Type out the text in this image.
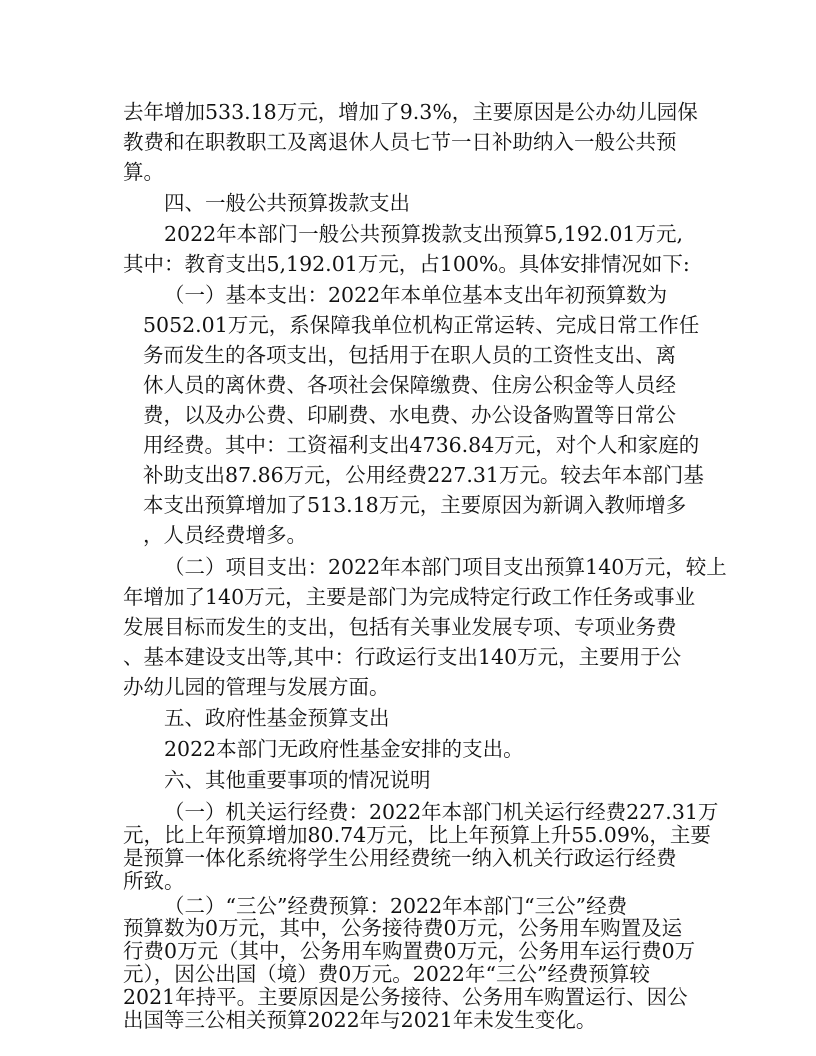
去年增加533.18万元，增加了9.3%，主要原因是公办幼儿园保

教费和在职教职工及离退休人员七节一日补助纳入一般公共预

算。

四、一般公共预算拨款支出

2022年本部门一般公共预算拨款支出预算5,192.01万元,

其中：教育支出5,192.01万元，占100%。具体安排情况如下:

（一）基本支出：2022年本单位基本支出年初预算数为

5052.01万元，系保障我单位机构正常运转、完成日常工作任

务而发生的各项支出，包括用于在职人员的工资性支出、离

休人员的离休费、各项社会保障缴费、住房公积金等人员经

费，以及办公费、印刷费、水电费、办公设备购置等日常公

用经费。其中：工资福利支出4736.84万元，对个人和家庭的

补助支出87.86万元，公用经费227.31万元。较去年本部门基

本支出预算增加了513.18万元，主要原因为新调入教师增多

，人员经费增多。

（二）项目支出：2022年本部门项目支出预算140万元，较上

年增加了140万元，主要是部门为完成特定行政工作任务或事业

发展目标而发生的支出，包括有关事业发展专项、专项业务费

、基本建设支出等,其中：行政运行支出140万元，主要用于公

办幼儿园的管理与发展方面。

五、政府性基金预算支出

2022本部门无政府性基金安排的支出。

六、其他重要事项的情况说明

（一）机关运行经费：2022年本部门机关运行经费227.31万

元，比上年预算增加80.74万元，比上年预算上升55.09%，主要

是预算一体化系统将学生公用经费统一纳入机关行政运行经费

所致。

（二）“三公”经费预算：2022年本部门“三公”经费

预算数为0万元，其中，公务接待费0万元，公务用车购置及运

行费0万元（其中，公务用车购置费0万元，公务用车运行费0万

元），因公出国（境）费0万元。2022年“三公”经费预算较

2021年持平。主要原因是公务接待、公务用车购置运行、因公

出国等三公相关预算2022年与2021年未发生变化。
